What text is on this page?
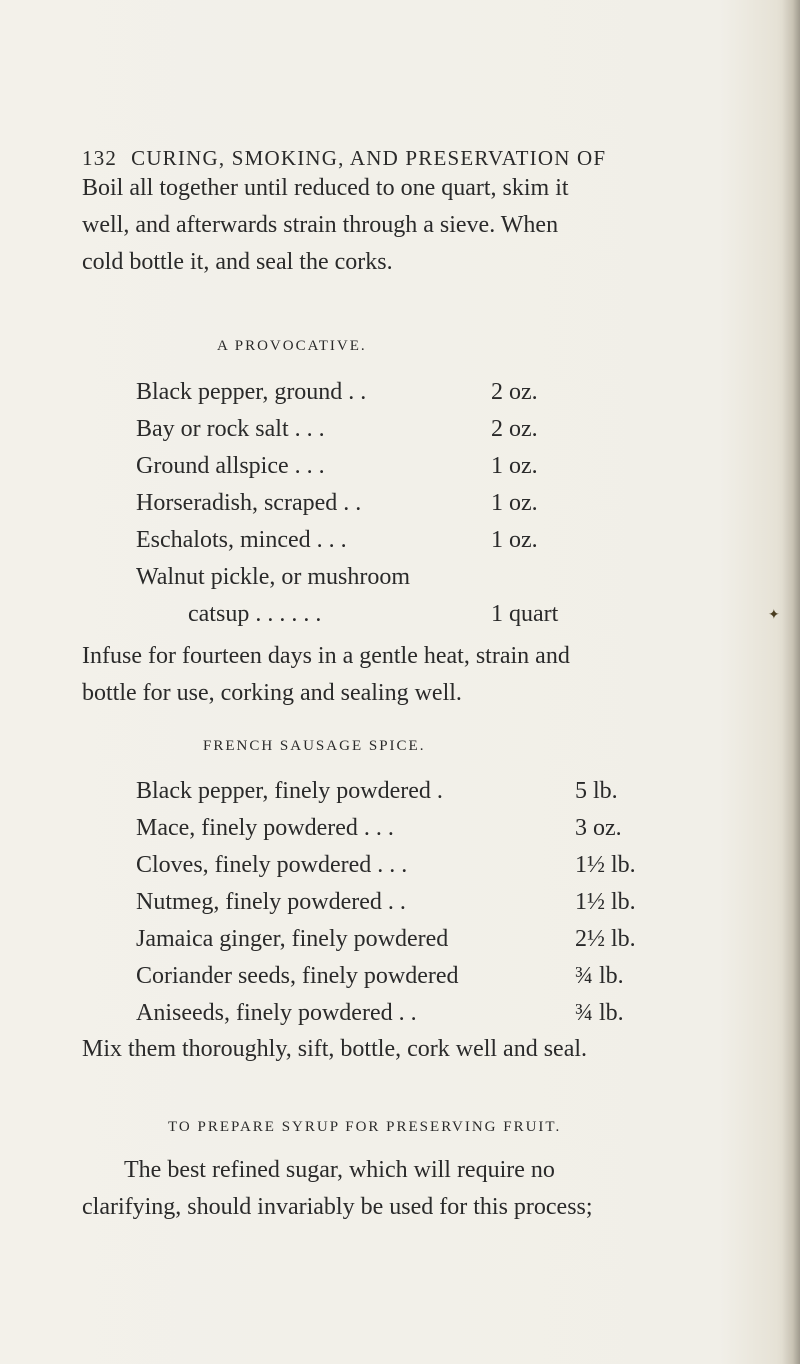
132 CURING, SMOKING, AND PRESERVATION OF
Boil all together until reduced to one quart, skim it
well, and afterwards strain through a sieve. When
cold bottle it, and seal the corks.
A PROVOCATIVE.
Black pepper, ground . .	2 oz.
Bay or rock salt . . .	2 oz.
Ground allspice . . .	1 oz.
Horseradish, scraped . .	1 oz.
Eschalots, minced . . .	1 oz.
Walnut pickle, or mushroom
catsup . . . . . .	1 quart
Infuse for fourteen days in a gentle heat, strain and
bottle for use, corking and sealing well.
FRENCH SAUSAGE SPICE.
Black pepper, finely powdered .	5 lb.
Mace, finely powdered . . .	3 oz.
Cloves, finely powdered . . .	1½ lb.
Nutmeg, finely powdered . .	1½ lb.
Jamaica ginger, finely powdered	2½ lb.
Coriander seeds, finely powdered	¾ lb.
Aniseeds, finely powdered . .	¾ lb.
Mix them thoroughly, sift, bottle, cork well and seal.
TO PREPARE SYRUP FOR PRESERVING FRUIT.
The best refined sugar, which will require no
clarifying, should invariably be used for this process;
✦
